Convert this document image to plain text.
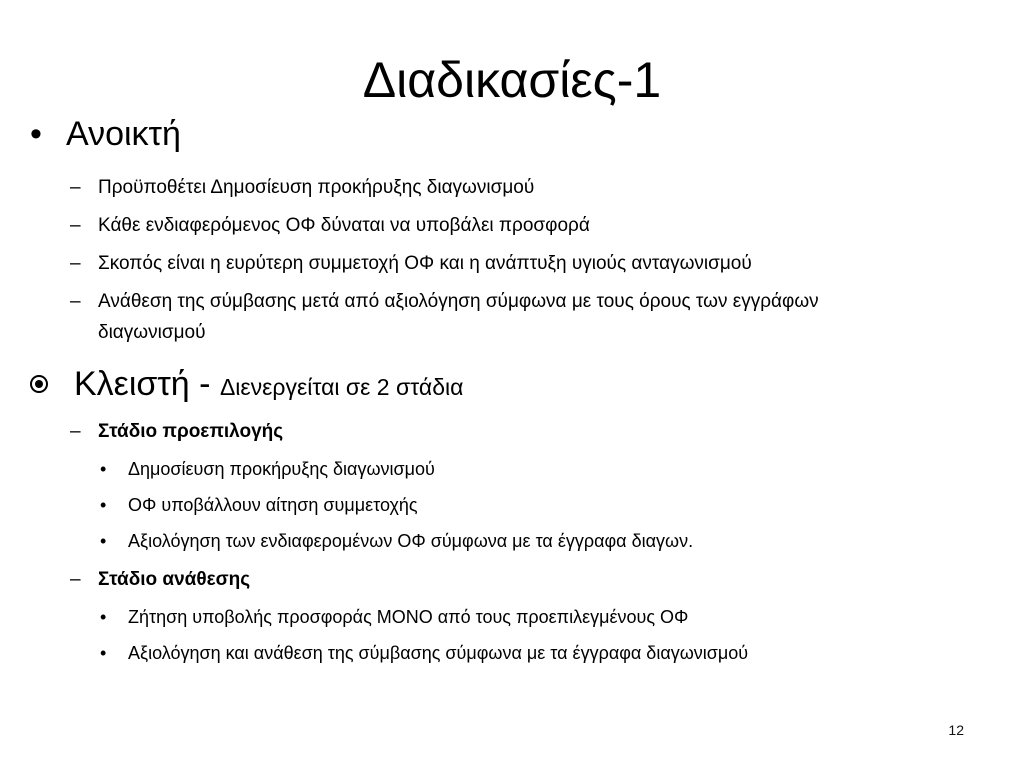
Διαδικασίες-1
• Ανοικτή
– Προϋποθέτει Δημοσίευση προκήρυξης διαγωνισμού
– Κάθε ενδιαφερόμενος ΟΦ δύναται να υποβάλει προσφορά
– Σκοπός είναι η ευρύτερη συμμετοχή ΟΦ και η ανάπτυξη υγιούς ανταγωνισμού
– Ανάθεση της σύμβασης μετά από αξιολόγηση σύμφωνα με τους όρους των εγγράφων διαγωνισμού
Κλειστή - Διενεργείται σε 2 στάδια
– Στάδιο προεπιλογής
• Δημοσίευση προκήρυξης διαγωνισμού
• ΟΦ υποβάλλουν αίτηση συμμετοχής
• Αξιολόγηση των ενδιαφερομένων ΟΦ σύμφωνα με τα έγγραφα διαγων.
– Στάδιο ανάθεσης
• Ζήτηση υποβολής προσφοράς ΜΟΝΟ από τους προεπιλεγμένους ΟΦ
• Αξιολόγηση και ανάθεση της σύμβασης σύμφωνα με τα έγγραφα διαγωνισμού
12
